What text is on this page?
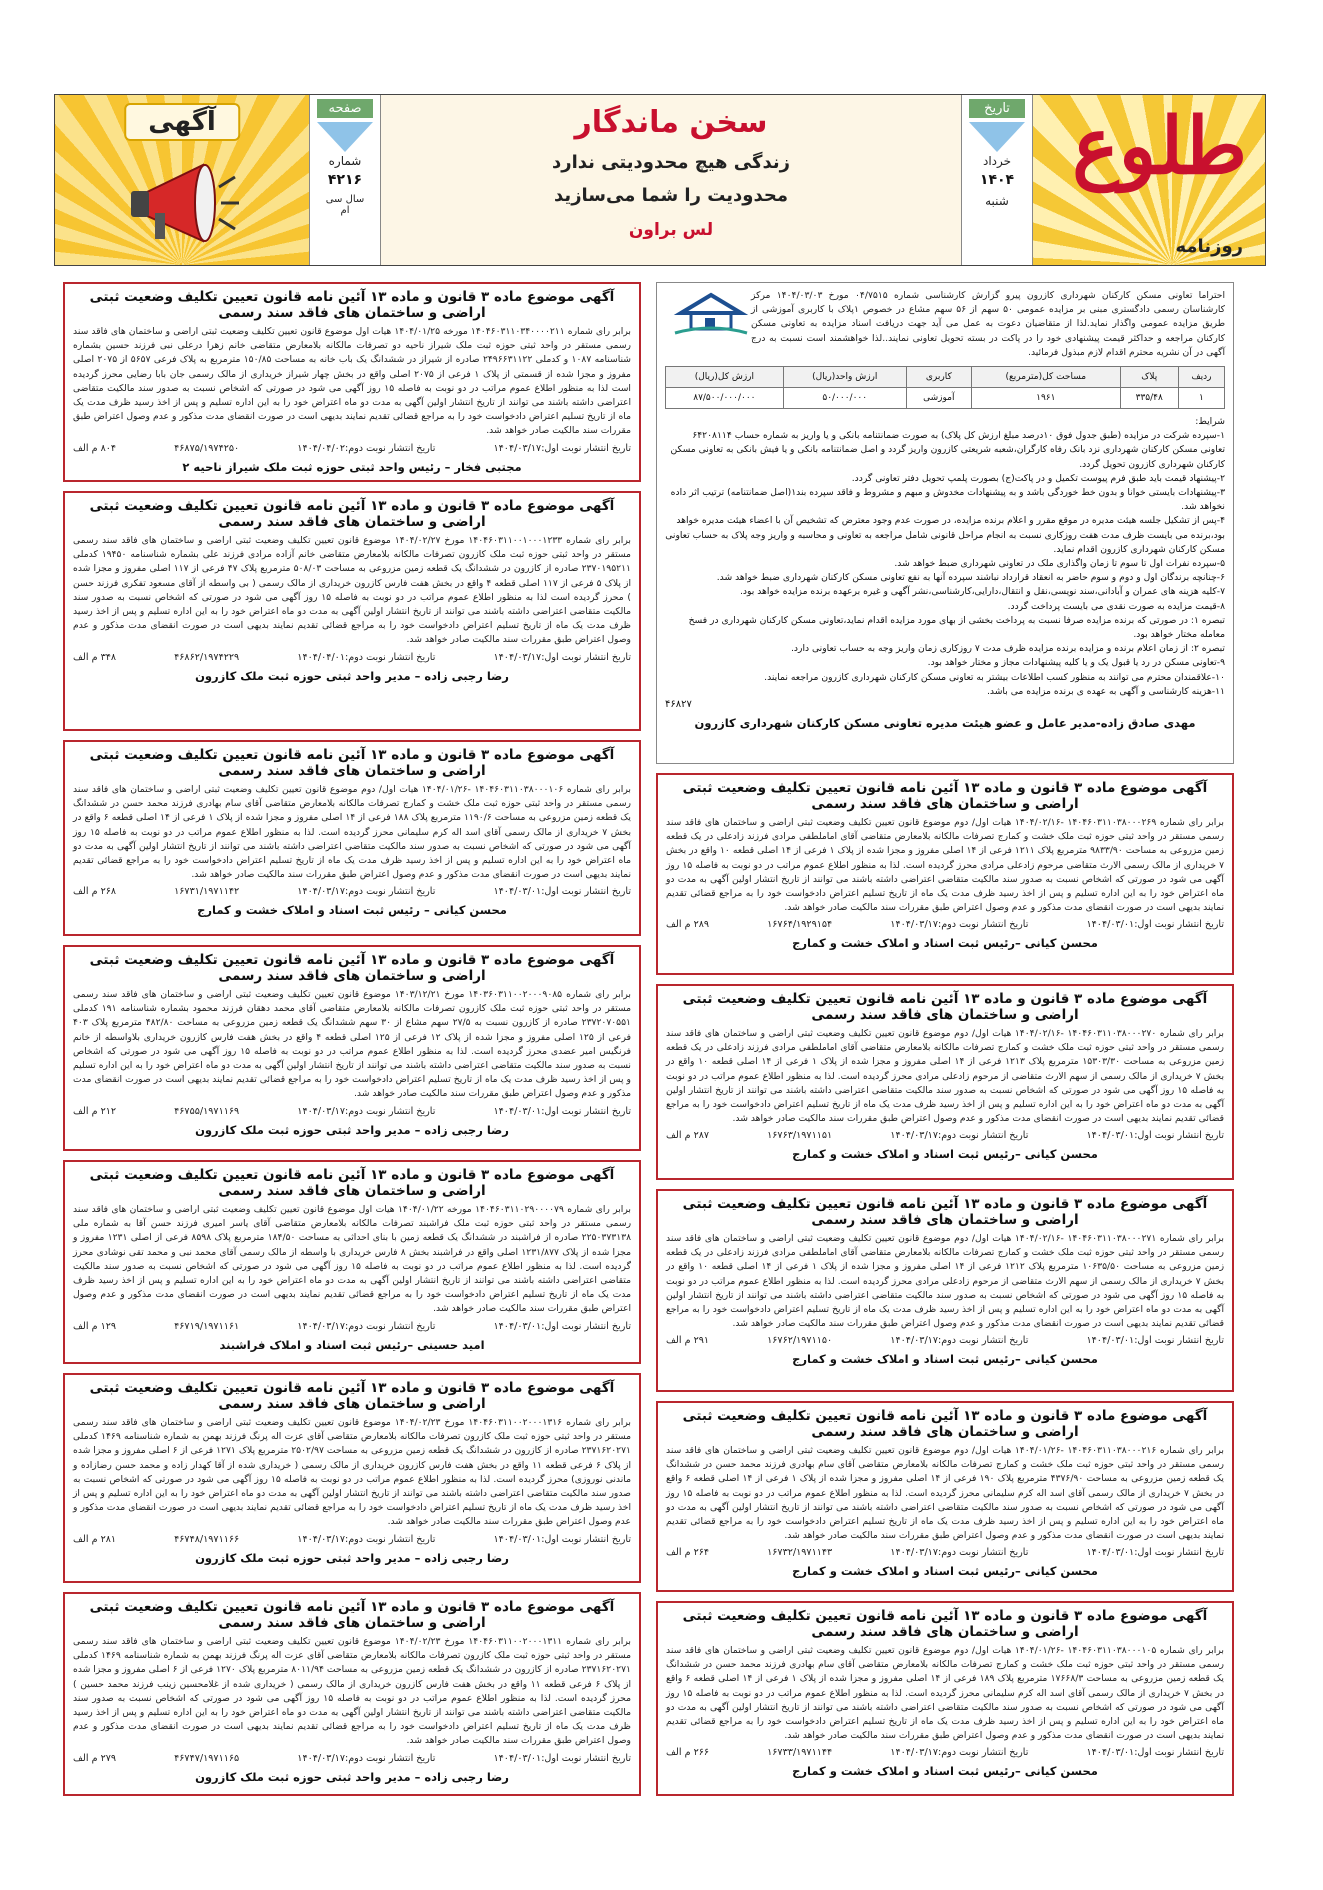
آگهی	صفحه
۵
شماره
۴۲۱۶
سال سی ام
سخن ماندگار
زندگی هیچ محدودیتی ندارد
محدودیت را شما می‌سازید
لس براون
تاریخ
۱۷
خرداد
۱۴۰۴
شنبه
طلوع
روزنامه
احتراما تعاونی مسکن کارکنان شهرداری کازرون پیرو گزارش کارشناسی شماره ۰۴/۷۵۱۵ مورخ ۱۴۰۴/۰۳/۰۳ مرکز کارشناسان رسمی دادگستری مبنی بر مزایده عمومی ۵۰ سهم از ۵۶ سهم مشاع در خصوص ۱پلاک با کاربری آموزشی از طریق مزایده عمومی واگذار نماید.لذا از متقاضیان دعوت به عمل می آید جهت دریافت اسناد مزایده به تعاونی مسکن کارکنان مراجعه و حداکثر قیمت پیشنهادی خود را در پاکت در بسته تحویل تعاونی نمایند..لذا خواهشمند است نسبت به درج آگهی در آن نشریه محترم اقدام لازم مبذول فرمائید.
ردیف	پلاک	مساحت کل(مترمربع)	کاربری	ارزش واحد(ریال)	ارزش کل(ریال)
۱	۳۳۵/۴۸	۱۹۶۱	آموزشی	۵۰/۰۰۰/۰۰۰	۸۷/۵۰۰/۰۰۰/۰۰۰
شرایط:
۱-سپرده شرکت در مزایده (طبق جدول فوق ۱۰درصد مبلغ ارزش کل پلاک) به صورت ضمانتنامه بانکی و یا واریز به شماره حساب ۶۴۲۰۸۱۱۴ تعاونی مسکن کارکنان شهرداری نزد بانک رفاه کارگران،شعبه شریعتی کازرون واریز گردد و اصل ضمانتنامه بانکی و یا فیش بانکی به تعاونی مسکن کارکنان شهرداری کازرون تحویل گردد.
۲-پیشنهاد قیمت باید طبق فرم پیوست تکمیل و در پاکت(ج) بصورت پلمپ تحویل دفتر تعاونی گردد.
۳-پیشنهادات بایستی خوانا و بدون خط خوردگی باشد و به پیشنهادات مخدوش و مبهم و مشروط و فاقد سپرده بند۱(اصل ضمانتنامه) ترتیب اثر داده نخواهد شد.
۴-پس از تشکیل جلسه هیئت مدیره در موقع مقرر و اعلام برنده مزایده، در صورت عدم وجود معترض که تشخیص آن با اعضاء هیئت مدیره خواهد بود،برنده می بایست ظرف مدت هفت روزکاری نسبت به انجام مراحل قانونی شامل مراجعه به تعاونی و محاسبه و واریز وجه پلاک به حساب تعاونی مسکن کارکنان شهرداری کازرون اقدام نماید.
۵-سپرده نفرات اول تا سوم تا زمان واگذاری ملک در تعاونی شهرداری ضبط خواهد شد.
۶-چنانچه برندگان اول و دوم و سوم حاضر به انعقاد قرارداد نباشند سپرده آنها به نفع تعاونی مسکن کارکنان شهرداری ضبط خواهد شد.
۷-کلیه هزینه های عمران و آبادانی،سند نویسی،نقل و انتقال،دارایی،کارشناسی،نشر آگهی و غیره برعهده برنده مزایده خواهد بود.
۸-قیمت مزایده به صورت نقدی می بایست پرداخت گردد.
تبصره ۱: در صورتی که برنده مزایده صرفا نسبت به پرداخت بخشی از بهای مورد مزایده اقدام نماید،تعاونی مسکن کارکنان شهرداری در فسخ معامله مختار خواهد بود.
تبصره ۲: از زمان اعلام برنده و مزایده برنده مزایده ظرف مدت ۷ روزکاری زمان واریز وجه به حساب تعاونی دارد.
۹-تعاونی مسکن در رد یا قبول یک و یا کلیه پیشنهادات مجاز و مختار خواهد بود.
۱۰-علاقمندان محترم می توانند به منظور کسب اطلاعات بیشتر به تعاونی مسکن کارکنان شهرداری کازرون مراجعه نمایند.
۱۱-هزینه کارشناسی و آگهی به عهده ی برنده مزایده می باشد.
۴۶۸۲۷
مهدی صادق زاده-مدیر عامل و عضو هیئت مدیره تعاونی مسکن کارکنان شهرداری کازرون
آگهی موضوع ماده ۳ قانون و ماده ۱۳ آئین نامه قانون تعیین تکلیف وضعیت ثبتی اراضی و ساختمان های فاقد سند رسمی
برابر رای شماره ۱۴۰۴۶۰۳۱۱۰۳۸۰۰۰۲۶۹ -۱۴۰۴/۰۲/۱۶ هیات اول/ دوم موضوع قانون تعیین تکلیف وضعیت ثبتی اراضی و ساختمان های فاقد سند رسمی مستقر در واحد ثبتی حوزه ثبت ملک خشت و کمارج تصرفات مالکانه بلامعارض متقاضی آقای اماملطفی مرادی فرزند زادعلی در یک قطعه زمین مزروعی به مساحت ۹۸۳۳/۹۰ مترمربع پلاک ۱۲۱۱ فرعی از ۱۴ اصلی مفروز و مجزا شده از پلاک ۱ فرعی از ۱۴ اصلی قطعه ۱۰ واقع در بخش ۷ خریداری از مالک رسمی الارث متقاضی مرحوم زادعلی مرادی محرز گردیده است. لذا به منظور اطلاع عموم مراتب در دو نوبت به فاصله ۱۵ روز آگهی می شود در صورتی که اشخاص نسبت به صدور سند مالکیت متقاضی اعتراضی داشته باشند می توانند از تاریخ انتشار اولین آگهی به مدت دو ماه اعتراض خود را به این اداره تسلیم و پس از اخذ رسید ظرف مدت یک ماه از تاریخ تسلیم اعتراض دادخواست خود را به مراجع قضائی تقدیم نمایند بدیهی است در صورت انقضای مدت مذکور و عدم وصول اعتراض طبق مقررات سند مالکیت صادر خواهد شد.
تاریخ انتشار نوبت اول:۱۴۰۴/۰۳/۰۱
تاریخ انتشار نوبت دوم:۱۴۰۴/۰۳/۱۷
۱۶۷۶۴/۱۹۲۹۱۵۴
۲۸۹ م الف
محسن کیانی –رئیس ثبت اسناد و املاک خشت و کمارج
آگهی موضوع ماده ۳ قانون و ماده ۱۳ آئین نامه قانون تعیین تکلیف وضعیت ثبتی اراضی و ساختمان های فاقد سند رسمی
برابر رای شماره ۱۴۰۴۶۰۳۱۱۰۳۸۰۰۰۲۷۰ -۱۴۰۴/۰۲/۱۶ هیات اول/ دوم موضوع قانون تعیین تکلیف وضعیت ثبتی اراضی و ساختمان های فاقد سند رسمی مستقر در واحد ثبتی حوزه ثبت ملک خشت و کمارج تصرفات مالکانه بلامعارض متقاضی آقای اماملطفی مرادی فرزند زادعلی در یک قطعه زمین مزروعی به مساحت ۱۵۳۰۳/۳۰ مترمربع پلاک ۱۲۱۳ فرعی از ۱۴ اصلی مفروز و مجزا شده از پلاک ۱ فرعی از ۱۴ اصلی قطعه ۱۰ واقع در بخش ۷ خریداری از مالک رسمی از سهم الارث متقاضی از مرحوم زادعلی مرادی محرز گردیده است. لذا به منظور اطلاع عموم مراتب در دو نوبت به فاصله ۱۵ روز آگهی می شود در صورتی که اشخاص نسبت به صدور سند مالکیت متقاضی اعتراضی داشته باشند می توانند از تاریخ انتشار اولین آگهی به مدت دو ماه اعتراض خود را به این اداره تسلیم و پس از اخذ رسید ظرف مدت یک ماه از تاریخ تسلیم اعتراض دادخواست خود را به مراجع قضائی تقدیم نمایند بدیهی است در صورت انقضای مدت مذکور و عدم وصول اعتراض طبق مقررات سند مالکیت صادر خواهد شد.
تاریخ انتشار نوبت اول:۱۴۰۴/۰۳/۰۱
تاریخ انتشار نوبت دوم:۱۴۰۴/۰۳/۱۷
۱۶۷۶۳/۱۹۷۱۱۵۱
۲۸۷ م الف
محسن کیانی –رئیس ثبت اسناد و املاک خشت و کمارج
آگهی موضوع ماده ۳ قانون و ماده ۱۳ آئین نامه قانون تعیین تکلیف وضعیت ثبتی اراضی و ساختمان های فاقد سند رسمی
برابر رای شماره ۱۴۰۴۶۰۳۱۱۰۳۸۰۰۰۲۷۱ -۱۴۰۴/۰۲/۱۶ هیات اول/ دوم موضوع قانون تعیین تکلیف وضعیت ثبتی اراضی و ساختمان های فاقد سند رسمی مستقر در واحد ثبتی حوزه ثبت ملک خشت و کمارج تصرفات مالکانه بلامعارض متقاضی آقای اماملطفی مرادی فرزند زادعلی در یک قطعه زمین مزروعی به مساحت ۱۰۶۳۵/۵۰ مترمربع پلاک ۱۲۱۲ فرعی از ۱۴ اصلی مفروز و مجزا شده از پلاک ۱ فرعی از ۱۴ اصلی قطعه ۱۰ واقع در بخش ۷ خریداری از مالک رسمی از سهم الارث متقاضی از مرحوم زادعلی مرادی محرز گردیده است. لذا به منظور اطلاع عموم مراتب در دو نوبت به فاصله ۱۵ روز آگهی می شود در صورتی که اشخاص نسبت به صدور سند مالکیت متقاضی اعتراضی داشته باشند می توانند از تاریخ انتشار اولین آگهی به مدت دو ماه اعتراض خود را به این اداره تسلیم و پس از اخذ رسید ظرف مدت یک ماه از تاریخ تسلیم اعتراض دادخواست خود را به مراجع قضائی تقدیم نمایند بدیهی است در صورت انقضای مدت مذکور و عدم وصول اعتراض طبق مقررات سند مالکیت صادر خواهد شد.
تاریخ انتشار نوبت اول:۱۴۰۴/۰۳/۰۱
تاریخ انتشار نوبت دوم:۱۴۰۴/۰۳/۱۷
۱۶۷۶۲/۱۹۷۱۱۵۰
۲۹۱ م الف
محسن کیانی –رئیس ثبت اسناد و املاک خشت و کمارج
آگهی موضوع ماده ۳ قانون و ماده ۱۳ آئین نامه قانون تعیین تکلیف وضعیت ثبتی اراضی و ساختمان های فاقد سند رسمی
برابر رای شماره ۱۴۰۴۶۰۳۱۱۰۳۸۰۰۰۲۱۶ -۱۴۰۴/۰۱/۲۶ هیات اول/ دوم موضوع قانون تعیین تکلیف وضعیت ثبتی اراضی و ساختمان های فاقد سند رسمی مستقر در واحد ثبتی حوزه ثبت ملک خشت و کمارج تصرفات مالکانه بلامعارض متقاضی آقای سام بهادری فرزند محمد حسن در ششدانگ یک قطعه زمین مزروعی به مساحت ۴۳۷۶/۹۰ مترمربع پلاک ۱۹۰ فرعی از ۱۴ اصلی مفروز و مجزا شده از پلاک ۱ فرعی از ۱۴ اصلی قطعه ۶ واقع در بخش ۷ خریداری از مالک رسمی آقای اسد اله کرم سلیمانی محرز گردیده است. لذا به منظور اطلاع عموم مراتب در دو نوبت به فاصله ۱۵ روز آگهی می شود در صورتی که اشخاص نسبت به صدور سند مالکیت متقاضی اعتراضی داشته باشند می توانند از تاریخ انتشار اولین آگهی به مدت دو ماه اعتراض خود را به این اداره تسلیم و پس از اخذ رسید ظرف مدت یک ماه از تاریخ تسلیم اعتراض دادخواست خود را به مراجع قضائی تقدیم نمایند بدیهی است در صورت انقضای مدت مذکور و عدم وصول اعتراض طبق مقررات سند مالکیت صادر خواهد شد.
تاریخ انتشار نوبت اول:۱۴۰۴/۰۳/۰۱
تاریخ انتشار نوبت دوم:۱۴۰۴/۰۳/۱۷
۱۶۷۳۲/۱۹۷۱۱۴۳
۲۶۴ م الف
محسن کیانی –رئیس ثبت اسناد و املاک خشت و کمارج
آگهی موضوع ماده ۳ قانون و ماده ۱۳ آئین نامه قانون تعیین تکلیف وضعیت ثبتی اراضی و ساختمان های فاقد سند رسمی
برابر رای شماره ۱۴۰۴۶۰۳۱۱۰۳۸۰۰۰۱۰۵ -۱۴۰۴/۰۱/۲۶ هیات اول/ دوم موضوع قانون تعیین تکلیف وضعیت ثبتی اراضی و ساختمان های فاقد سند رسمی مستقر در واحد ثبتی حوزه ثبت ملک خشت و کمارج تصرفات مالکانه بلامعارض متقاضی آقای سام بهادری فرزند محمد حسن در ششدانگ یک قطعه زمین مزروعی به مساحت ۱۷۶۶۸/۳ مترمربع پلاک ۱۸۹ فرعی از ۱۴ اصلی مفروز و مجزا شده از پلاک ۱ فرعی از ۱۴ اصلی قطعه ۶ واقع در بخش ۷ خریداری از مالک رسمی آقای اسد اله کرم سلیمانی محرز گردیده است. لذا به منظور اطلاع عموم مراتب در دو نوبت به فاصله ۱۵ روز آگهی می شود در صورتی که اشخاص نسبت به صدور سند مالکیت متقاضی اعتراضی داشته باشند می توانند از تاریخ انتشار اولین آگهی به مدت دو ماه اعتراض خود را به این اداره تسلیم و پس از اخذ رسید ظرف مدت یک ماه از تاریخ تسلیم اعتراض دادخواست خود را به مراجع قضائی تقدیم نمایند بدیهی است در صورت انقضای مدت مذکور و عدم وصول اعتراض طبق مقررات سند مالکیت صادر خواهد شد.
تاریخ انتشار نوبت اول:۱۴۰۴/۰۳/۰۱
تاریخ انتشار نوبت دوم:۱۴۰۴/۰۳/۱۷
۱۶۷۳۳/۱۹۷۱۱۴۴
۲۶۶ م الف
محسن کیانی –رئیس ثبت اسناد و املاک خشت و کمارج
آگهی موضوع ماده ۳ قانون و ماده ۱۳ آئین نامه قانون تعیین تکلیف وضعیت ثبتی اراضی و ساختمان های فاقد سند رسمی
برابر رای شماره ۱۴۰۴۶۰۳۱۱۰۳۴۰۰۰۰۲۱۱ مورخه ۱۴۰۴/۰۱/۲۵ هیات اول موضوع قانون تعیین تکلیف وضعیت ثبتی اراضی و ساختمان های فاقد سند رسمی مستقر در واحد ثبتی حوزه ثبت ملک شیراز ناحیه دو تصرفات مالکانه بلامعارض متقاضی خانم زهرا درعلی نبی فرزند حسین بشماره شناسنامه ۱۰۸۷ و کدملی ۲۴۹۶۶۳۱۱۲۲ صادره از شیراز در ششدانگ یک باب خانه به مساحت ۱۵۰/۸۵ مترمربع به پلاک فرعی ۵۶۵۷ از ۲۰۷۵ اصلی مفروز و مجزا شده از قسمتی از پلاک ۱ فرعی از ۲۰۷۵ اصلی واقع در بخش چهار شیراز خریداری از مالک رسمی جان بابا رضایی محرز گردیده است لذا به منظور اطلاع عموم مراتب در دو نوبت به فاصله ۱۵ روز آگهی می شود در صورتی که اشخاص نسبت به صدور سند مالکیت متقاضی اعتراضی داشته باشند می توانند از تاریخ انتشار اولین آگهی به مدت دو ماه اعتراض خود را به این اداره تسلیم و پس از اخذ رسید ظرف مدت یک ماه از تاریخ تسلیم اعتراض دادخواست خود را به مراجع قضائی تقدیم نمایند بدیهی است در صورت انقضای مدت مذکور و عدم وصول اعتراض طبق مقررات سند مالکیت صادر خواهد شد.
تاریخ انتشار نوبت اول:۱۴۰۴/۰۳/۱۷
تاریخ انتشار نوبت دوم:۱۴۰۴/۰۴/۰۲
۴۶۸۷۵/۱۹۷۴۲۵۰
۸۰۴ م الف
مجتبی فخار – رئیس واحد ثبتی حوزه ثبت ملک شیراز ناحیه ۲
آگهی موضوع ماده ۳ قانون و ماده ۱۳ آئین نامه قانون تعیین تکلیف وضعیت ثبتی اراضی و ساختمان های فاقد سند رسمی
برابر رای شماره ۱۴۰۴۶۰۳۱۱۰۰۱۰۰۰۱۲۳۳ مورخ ۱۴۰۴/۰۲/۲۷ موضوع قانون تعیین تکلیف وضعیت ثبتی اراضی و ساختمان های فاقد سند رسمی مستقر در واحد ثبتی حوزه ثبت ملک کازرون تصرفات مالکانه بلامعارض متقاضی خانم آزاده مرادی فرزند علی بشماره شناسنامه ۱۹۴۵۰ کدملی ۲۳۷۰۱۹۵۲۱۱ صادره از کازرون در ششدانگ یک قطعه زمین مزروعی به مساحت ۵۰۸/۰۳ مترمربع پلاک ۴۷ فرعی از ۱۱۷ اصلی مفروز و مجزا شده از پلاک ۵ فرعی از ۱۱۷ اصلی قطعه ۴ واقع در بخش هفت فارس کازرون خریداری از مالک رسمی ( بی واسطه از آقای مسعود تفکری فرزند حسن ) محرز گردیده است لذا به منظور اطلاع عموم مراتب در دو نوبت به فاصله ۱۵ روز آگهی می شود در صورتی که اشخاص نسبت به صدور سند مالکیت متقاضی اعتراضی داشته باشند می توانند از تاریخ انتشار اولین آگهی به مدت دو ماه اعتراض خود را به این اداره تسلیم و پس از اخذ رسید ظرف مدت یک ماه از تاریخ تسلیم اعتراض دادخواست خود را به مراجع قضائی تقدیم نمایند بدیهی است در صورت انقضای مدت مذکور و عدم وصول اعتراض طبق مقررات سند مالکیت صادر خواهد شد.
تاریخ انتشار نوبت اول:۱۴۰۴/۰۳/۱۷
تاریخ انتشار نوبت دوم:۱۴۰۴/۰۴/۰۱
۴۶۸۶۲/۱۹۷۴۲۲۹
۳۴۸ م الف
رضا رجبی زاده – مدیر واحد ثبتی حوزه ثبت ملک کازرون
آگهی موضوع ماده ۳ قانون و ماده ۱۳ آئین نامه قانون تعیین تکلیف وضعیت ثبتی اراضی و ساختمان های فاقد سند رسمی
برابر رای شماره ۱۴۰۴۶۰۳۱۱۰۳۸۰۰۰۱۰۶ -۱۴۰۴/۰۱/۲۶ هیات اول/ دوم موضوع قانون تعیین تکلیف وضعیت ثبتی اراضی و ساختمان های فاقد سند رسمی مستقر در واحد ثبتی حوزه ثبت ملک خشت و کمارج تصرفات مالکانه بلامعارض متقاضی آقای سام بهادری فرزند محمد حسن در ششدانگ یک قطعه زمین مزروعی به مساحت ۱۱۹۰/۶ مترمربع پلاک ۱۸۸ فرعی از ۱۴ اصلی مفروز و مجزا شده از پلاک ۱ فرعی از ۱۴ اصلی قطعه ۶ واقع در بخش ۷ خریداری از مالک رسمی آقای اسد اله کرم سلیمانی محرز گردیده است. لذا به منظور اطلاع عموم مراتب در دو نوبت به فاصله ۱۵ روز آگهی می شود در صورتی که اشخاص نسبت به صدور سند مالکیت متقاضی اعتراضی داشته باشند می توانند از تاریخ انتشار اولین آگهی به مدت دو ماه اعتراض خود را به این اداره تسلیم و پس از اخذ رسید ظرف مدت یک ماه از تاریخ تسلیم اعتراض دادخواست خود را به مراجع قضائی تقدیم نمایند بدیهی است در صورت انقضای مدت مذکور و عدم وصول اعتراض طبق مقررات سند مالکیت صادر خواهد شد.
تاریخ انتشار نوبت اول:۱۴۰۴/۰۳/۰۱
تاریخ انتشار نوبت دوم:۱۴۰۴/۰۳/۱۷
۱۶۷۳۱/۱۹۷۱۱۴۲
۲۶۸ م الف
محسن کیانی – رئیس ثبت اسناد و املاک خشت و کمارج
آگهی موضوع ماده ۳ قانون و ماده ۱۳ آئین نامه قانون تعیین تکلیف وضعیت ثبتی اراضی و ساختمان های فاقد سند رسمی
برابر رای شماره ۱۴۰۳۶۰۳۱۱۰۰۲۰۰۰۹۰۸۵ مورخ ۱۴۰۳/۱۲/۲۱ موضوع قانون تعیین تکلیف وضعیت ثبتی اراضی و ساختمان های فاقد سند رسمی مستقر در واحد ثبتی حوزه ثبت ملک کازرون تصرفات مالکانه بلامعارض متقاضی آقای محمد دهقان فرزند محمود بشماره شناسنامه ۱۹۱ کدملی ۲۳۷۲۰۷۰۵۵۱ صادره از کازرون نسبت به ۲۷/۵ سهم مشاع از ۳۰ سهم ششدانگ یک قطعه زمین مزروعی به مساحت ۴۸۲/۸۰ مترمربع پلاک ۴۰۳ فرعی از ۱۲۵ اصلی مفروز و مجزا شده از پلاک ۱۲ فرعی از ۱۲۵ اصلی قطعه ۴ واقع در بخش هفت فارس کازرون خریداری بلاواسطه از خانم فرنگیس امیر عضدی محرز گردیده است. لذا به منظور اطلاع عموم مراتب در دو نوبت به فاصله ۱۵ روز آگهی می شود در صورتی که اشخاص نسبت به صدور سند مالکیت متقاضی اعتراضی داشته باشند می توانند از تاریخ انتشار اولین آگهی به مدت دو ماه اعتراض خود را به این اداره تسلیم و پس از اخذ رسید ظرف مدت یک ماه از تاریخ تسلیم اعتراض دادخواست خود را به مراجع قضائی تقدیم نمایند بدیهی است در صورت انقضای مدت مذکور و عدم وصول اعتراض طبق مقررات سند مالکیت صادر خواهد شد.
تاریخ انتشار نوبت اول:۱۴۰۴/۰۳/۰۱
تاریخ انتشار نوبت دوم:۱۴۰۴/۰۳/۱۷
۴۶۷۵۵/۱۹۷۱۱۶۹
۲۱۲ م الف
رضا رجبی زاده – مدیر واحد ثبتی حوزه ثبت ملک کازرون
آگهی موضوع ماده ۳ قانون و ماده ۱۳ آئین نامه قانون تعیین تکلیف وضعیت ثبتی اراضی و ساختمان های فاقد سند رسمی
برابر رای شماره ۱۴۰۴۶۰۳۱۱۰۲۹۰۰۰۰۷۹ مورخه ۱۴۰۴/۰۱/۲۲ هیات اول موضوع قانون تعیین تکلیف وضعیت ثبتی اراضی و ساختمان های فاقد سند رسمی مستقر در واحد ثبتی حوزه ثبت ملک فراشبند تصرفات مالکانه بلامعارض متقاضی آقای یاسر امیری فرزند حسن آقا به شماره ملی ۲۲۵۰۳۷۳۱۳۸ صادره از فراشبند در ششدانگ یک قطعه زمین با بنای احداثی به مساحت ۱۸۴/۵۰ مترمربع پلاک ۸۵۹۸ فرعی از اصلی ۱۲۳۱ مفروز و مجزا شده از پلاک ۱۲۳۱/۸۷۷ اصلی واقع در فراشبند بخش ۸ فارس خریداری با واسطه از مالک رسمی آقای محمد نبی و محمد تقی نوشادی محرز گردیده است. لذا به منظور اطلاع عموم مراتب در دو نوبت به فاصله ۱۵ روز آگهی می شود در صورتی که اشخاص نسبت به صدور سند مالکیت متقاضی اعتراضی داشته باشند می توانند از تاریخ انتشار اولین آگهی به مدت دو ماه اعتراض خود را به این اداره تسلیم و پس از اخذ رسید ظرف مدت یک ماه از تاریخ تسلیم اعتراض دادخواست خود را به مراجع قضائی تقدیم نمایند بدیهی است در صورت انقضای مدت مذکور و عدم وصول اعتراض طبق مقررات سند مالکیت صادر خواهد شد.
تاریخ انتشار نوبت اول:۱۴۰۴/۰۳/۰۱
تاریخ انتشار نوبت دوم:۱۴۰۴/۰۳/۱۷
۴۶۷۱۹/۱۹۷۱۱۶۱
۱۲۹ م الف
امید حسینی –رئیس ثبت اسناد و املاک فراشبند
آگهی موضوع ماده ۳ قانون و ماده ۱۳ آئین نامه قانون تعیین تکلیف وضعیت ثبتی اراضی و ساختمان های فاقد سند رسمی
برابر رای شماره ۱۴۰۴۶۰۳۱۱۰۰۲۰۰۰۱۳۱۶ مورخ ۱۴۰۴/۰۲/۲۳ موضوع قانون تعیین تکلیف وضعیت ثبتی اراضی و ساختمان های فاقد سند رسمی مستقر در واحد ثبتی حوزه ثبت ملک کازرون تصرفات مالکانه بلامعارض متقاضی آقای عزت اله پرنگ فرزند بهمن به شماره شناسنامه ۱۴۶۹ کدملی ۲۳۷۱۶۲۰۲۷۱ صادره از کازرون در ششدانگ یک قطعه زمین مزروعی به مساحت ۲۵۰۲/۹۷ مترمربع پلاک ۱۲۷۱ فرعی از ۶ اصلی مفروز و مجزا شده از پلاک ۶ فرعی قطعه ۱۱ واقع در بخش هفت فارس کازرون خریداری از مالک رسمی ( خریداری شده از آقا کهدار زاده و محمد حسن رضازاده و ماندنی نوروزی) محرز گردیده است. لذا به منظور اطلاع عموم مراتب در دو نوبت به فاصله ۱۵ روز آگهی می شود در صورتی که اشخاص نسبت به صدور سند مالکیت متقاضی اعتراضی داشته باشند می توانند از تاریخ انتشار اولین آگهی به مدت دو ماه اعتراض خود را به این اداره تسلیم و پس از اخذ رسید ظرف مدت یک ماه از تاریخ تسلیم اعتراض دادخواست خود را به مراجع قضائی تقدیم نمایند بدیهی است در صورت انقضای مدت مذکور و عدم وصول اعتراض طبق مقررات سند مالکیت صادر خواهد شد.
تاریخ انتشار نوبت اول:۱۴۰۴/۰۳/۰۱
تاریخ انتشار نوبت دوم:۱۴۰۴/۰۳/۱۷
۴۶۷۴۸/۱۹۷۱۱۶۶
۲۸۱ م الف
رضا رجبی زاده – مدیر واحد ثبتی حوزه ثبت ملک کازرون
آگهی موضوع ماده ۳ قانون و ماده ۱۳ آئین نامه قانون تعیین تکلیف وضعیت ثبتی اراضی و ساختمان های فاقد سند رسمی
برابر رای شماره ۱۴۰۴۶۰۳۱۱۰۰۲۰۰۰۱۳۱۱ مورخ ۱۴۰۴/۰۲/۲۳ موضوع قانون تعیین تکلیف وضعیت ثبتی اراضی و ساختمان های فاقد سند رسمی مستقر در واحد ثبتی حوزه ثبت ملک کازرون تصرفات مالکانه بلامعارض متقاضی آقای عزت اله پرنگ فرزند بهمن به شماره شناسنامه ۱۴۶۹ کدملی ۲۳۷۱۶۲۰۲۷۱ صادره از کازرون در ششدانگ یک قطعه زمین مزروعی به مساحت ۸۰۱۱/۹۴ مترمربع پلاک ۱۲۷۰ فرعی از ۶ اصلی مفروز و مجزا شده از پلاک ۶ فرعی قطعه ۱۱ واقع در بخش هفت فارس کازرون خریداری از مالک رسمی ( خریداری شده از غلامحسین زینب فرزند محمد حسین ) محرز گردیده است. لذا به منظور اطلاع عموم مراتب در دو نوبت به فاصله ۱۵ روز آگهی می شود در صورتی که اشخاص نسبت به صدور سند مالکیت متقاضی اعتراضی داشته باشند می توانند از تاریخ انتشار اولین آگهی به مدت دو ماه اعتراض خود را به این اداره تسلیم و پس از اخذ رسید ظرف مدت یک ماه از تاریخ تسلیم اعتراض دادخواست خود را به مراجع قضائی تقدیم نمایند بدیهی است در صورت انقضای مدت مذکور و عدم وصول اعتراض طبق مقررات سند مالکیت صادر خواهد شد.
تاریخ انتشار نوبت اول:۱۴۰۴/۰۳/۰۱
تاریخ انتشار نوبت دوم:۱۴۰۴/۰۳/۱۷
۴۶۷۴۷/۱۹۷۱۱۶۵
۲۷۹ م الف
رضا رجبی زاده – مدیر واحد ثبتی حوزه ثبت ملک کازرون
